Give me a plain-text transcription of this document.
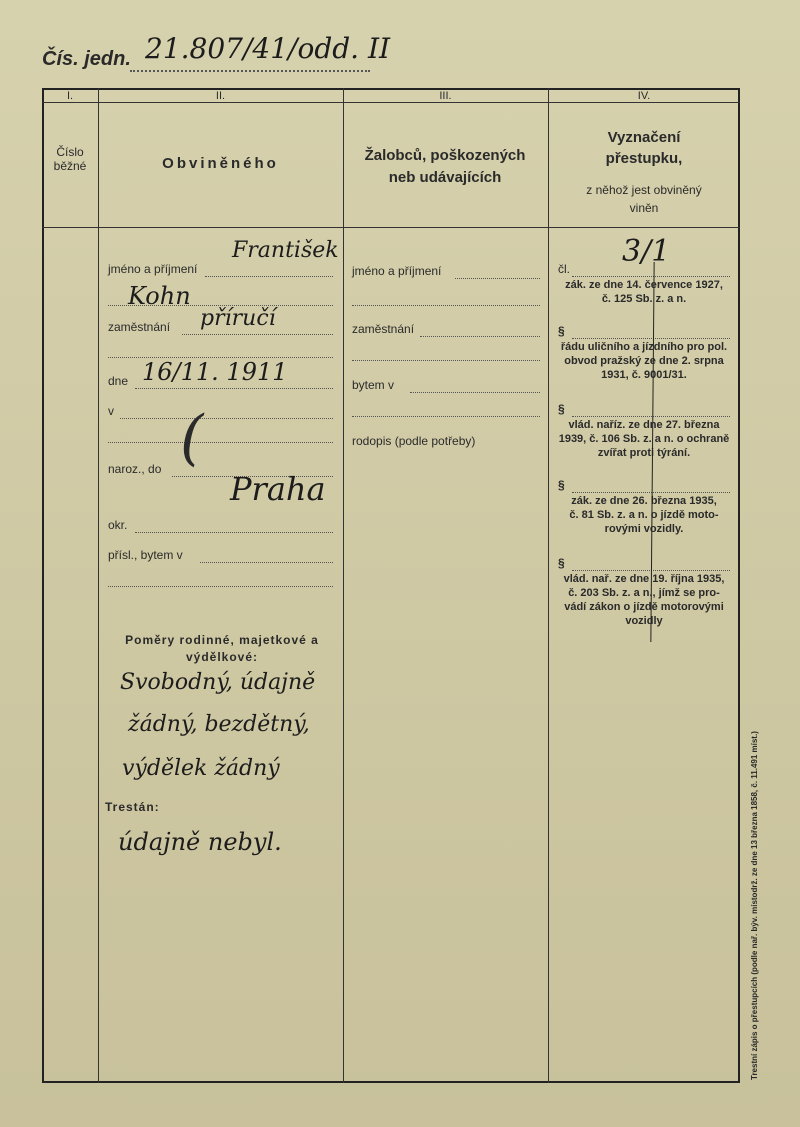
Čís. jedn. 21.807/41/odd. II
I.	II.	III.	IV.
Číslo běžné	Obviněného	Žalobců, poškozených neb udávajících
Vyznačení
přestupku,
z něhož jest obviněný
viněn
jméno a příjmení
František
Kohn
zaměstnání příručí
dne 16/11. 1911
v
naroz., do (
Praha
okr.
přísl., bytem v
Poměry rodinné, majetkové a výdělkové:
Svobodný, údajně
žádný, bezdětný,
výdělek žádný
Trestán:
údajně nebyl.
jméno a příjmení
zaměstnání
bytem v
rodopis (podle potřeby)
čl. 3/1
zák. ze dne 14. července 1927,
č. 125 Sb. z. a n.
§
řádu uličního a jízdního pro pol.
obvod pražský ze dne 2. srpna
1931, č. 9001/31.
§
vlád. naříz. ze dne 27. března
1939, č. 106 Sb. z. a n. o ochraně
zvířat proti týrání.
§
zák. ze dne 26. března 1935,
č. 81 Sb. z. a n. o jízdě moto-
rovými vozidly.
§
vlád. nař. ze dne 19. října 1935,
č. 203 Sb. z. a n., jímž se pro-
vádí zákon o jízdě motorovými
vozidly
Trestní zápis o přestupcích (podle nař. býv. místodrž. ze dne 13 března 1858, č. 11.491 míst.)
